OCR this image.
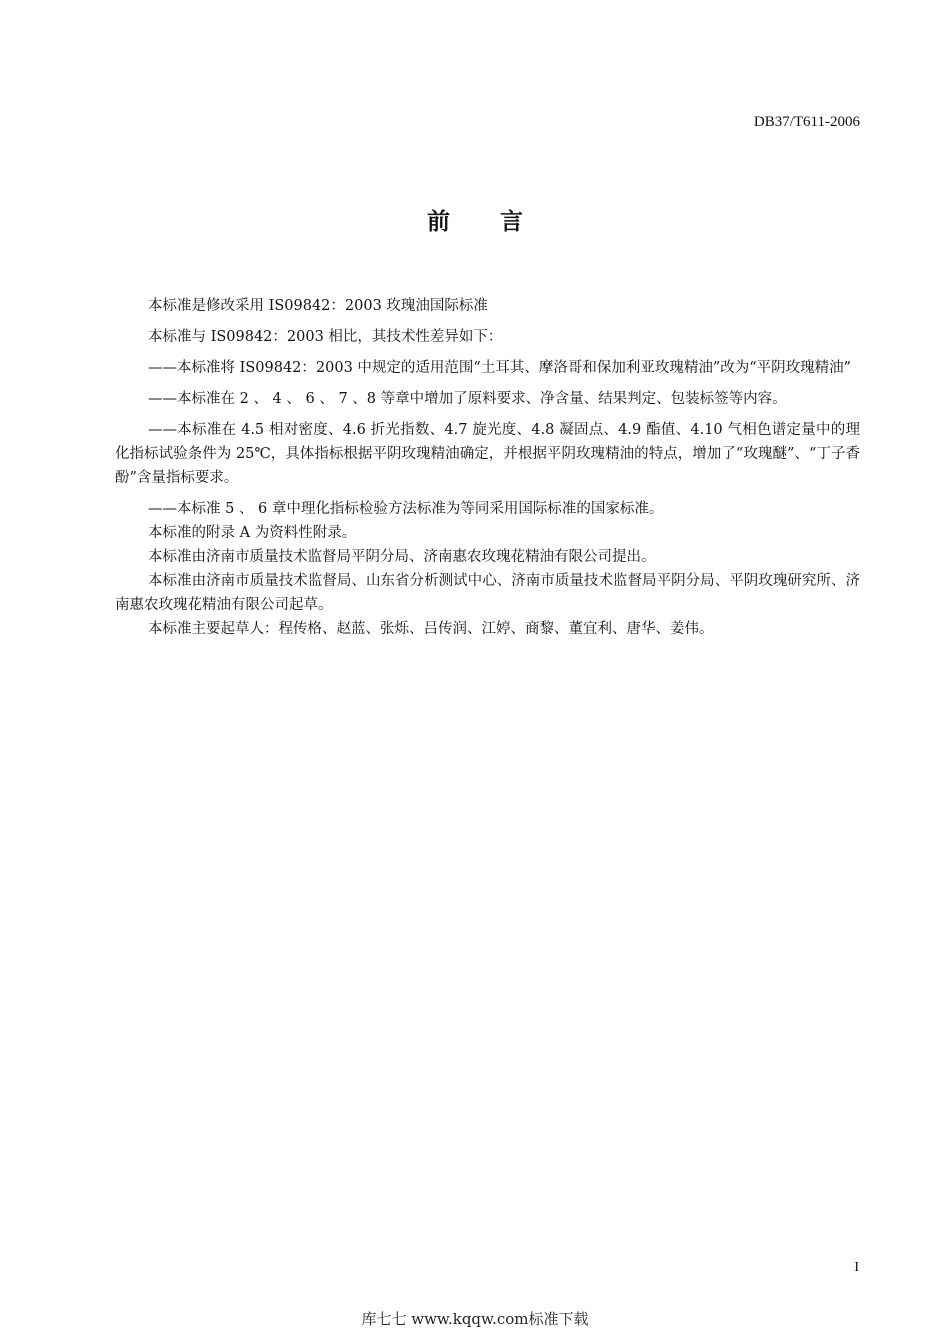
DB37/T611-2006
前言

本标准是修改采用 IS09842：2003 玫瑰油国际标准

本标准与 IS09842：2003 相比，其技术性差异如下：

——本标准将 IS09842：2003 中规定的适用范围“土耳其、摩洛哥和保加利亚玫瑰精油”改为“平阴玫瑰精油”

——本标准在 2 、 4 、 6 、 7 、8 等章中增加了原料要求、净含量、结果判定、包装标签等内容。

——本标准在 4.5 相对密度、4.6 折光指数、4.7 旋光度、4.8 凝固点、4.9 酯值、4.10 气相色谱定量中的理化指标试验条件为 25℃，具体指标根据平阴玫瑰精油确定，并根据平阴玫瑰精油的特点，增加了“玫瑰醚”、“丁子香酚”含量指标要求。

——本标准 5 、 6 章中理化指标检验方法标准为等同采用国际标准的国家标准。

本标准的附录 A 为资料性附录。

本标准由济南市质量技术监督局平阴分局、济南惠农玫瑰花精油有限公司提出。

本标准由济南市质量技术监督局、山东省分析测试中心、济南市质量技术监督局平阴分局、平阴玫瑰研究所、济南惠农玫瑰花精油有限公司起草。

本标准主要起草人：程传格、赵蓝、张烁、吕传润、江婷、商黎、董宜利、唐华、姜伟。

I
库七七 www.kqqw.com标准下载
